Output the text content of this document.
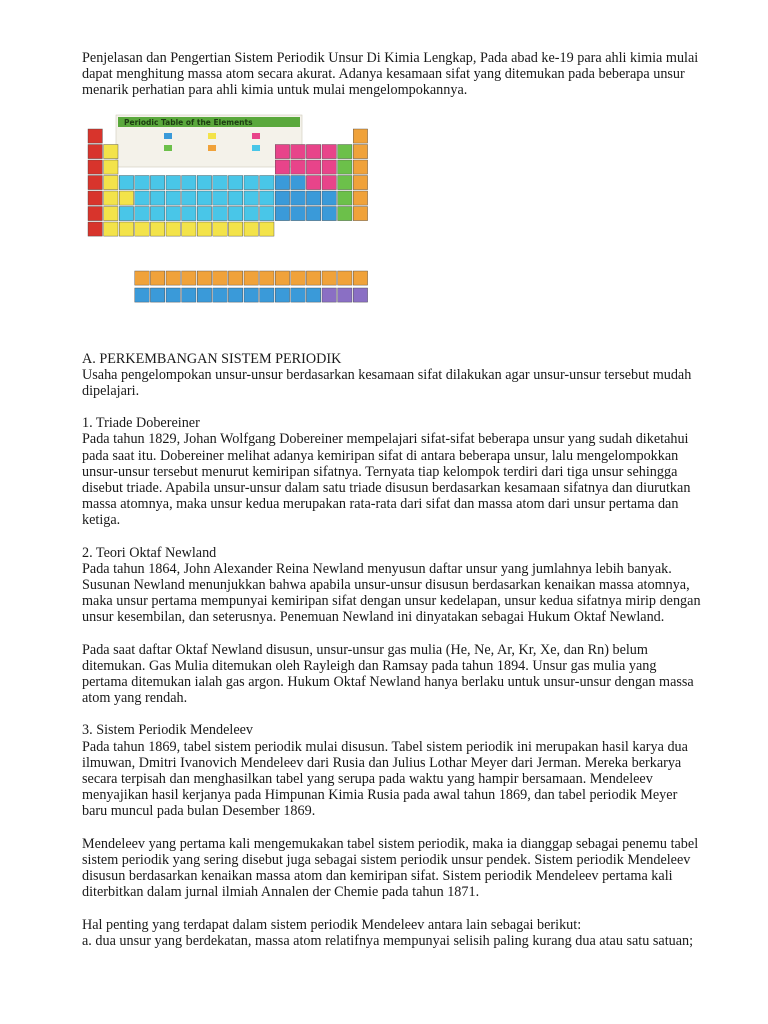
Penjelasan dan Pengertian Sistem Periodik Unsur Di Kimia Lengkap, Pada abad ke-19 para ahli kimia mulai dapat menghitung massa atom secara akurat. Adanya kesamaan sifat yang ditemukan pada beberapa unsur menarik perhatian para ahli kimia untuk mulai mengelompokannya.

Periodic Table of the Elements

A. PERKEMBANGAN SISTEM PERIODIK

Usaha pengelompokan unsur-unsur berdasarkan kesamaan sifat dilakukan agar unsur-unsur tersebut mudah dipelajari.

1. Triade Dobereiner

Pada tahun 1829, Johan Wolfgang Dobereiner mempelajari sifat-sifat beberapa unsur yang sudah diketahui pada saat itu. Dobereiner melihat adanya kemiripan sifat di antara beberapa unsur, lalu mengelompokkan unsur-unsur tersebut menurut kemiripan sifatnya. Ternyata tiap kelompok terdiri dari tiga unsur sehingga disebut triade. Apabila unsur-unsur dalam satu triade disusun berdasarkan kesamaan sifatnya dan diurutkan massa atomnya, maka unsur kedua merupakan rata-rata dari sifat dan massa atom dari unsur pertama dan ketiga.

2. Teori Oktaf Newland

Pada tahun 1864, John Alexander Reina Newland menyusun daftar unsur yang jumlahnya lebih banyak. Susunan Newland menunjukkan bahwa apabila unsur-unsur disusun berdasarkan kenaikan massa atomnya, maka unsur pertama mempunyai kemiripan sifat dengan unsur kedelapan, unsur kedua sifatnya mirip dengan unsur kesembilan, dan seterusnya. Penemuan Newland ini dinyatakan sebagai Hukum Oktaf Newland.

Pada saat daftar Oktaf Newland disusun, unsur-unsur gas mulia (He, Ne, Ar, Kr, Xe, dan Rn) belum ditemukan. Gas Mulia ditemukan oleh Rayleigh dan Ramsay pada tahun 1894. Unsur gas mulia yang pertama ditemukan ialah gas argon. Hukum Oktaf Newland hanya berlaku untuk unsur-unsur dengan massa atom yang rendah.

3. Sistem Periodik Mendeleev

Pada tahun 1869, tabel sistem periodik mulai disusun. Tabel sistem periodik ini merupakan hasil karya dua ilmuwan, Dmitri Ivanovich Mendeleev dari Rusia dan Julius Lothar Meyer dari Jerman. Mereka berkarya secara terpisah dan menghasilkan tabel yang serupa pada waktu yang hampir bersamaan. Mendeleev menyajikan hasil kerjanya pada Himpunan Kimia Rusia pada awal tahun 1869, dan tabel periodik Meyer baru muncul pada bulan Desember 1869.

Mendeleev yang pertama kali mengemukakan tabel sistem periodik, maka ia dianggap sebagai penemu tabel sistem periodik yang sering disebut juga sebagai sistem periodik unsur pendek. Sistem periodik Mendeleev disusun berdasarkan kenaikan massa atom dan kemiripan sifat. Sistem periodik Mendeleev pertama kali diterbitkan dalam jurnal ilmiah Annalen der Chemie pada tahun 1871.

Hal penting yang terdapat dalam sistem periodik Mendeleev antara lain sebagai berikut:

a. dua unsur yang berdekatan, massa atom relatifnya mempunyai selisih paling kurang dua atau satu satuan;
